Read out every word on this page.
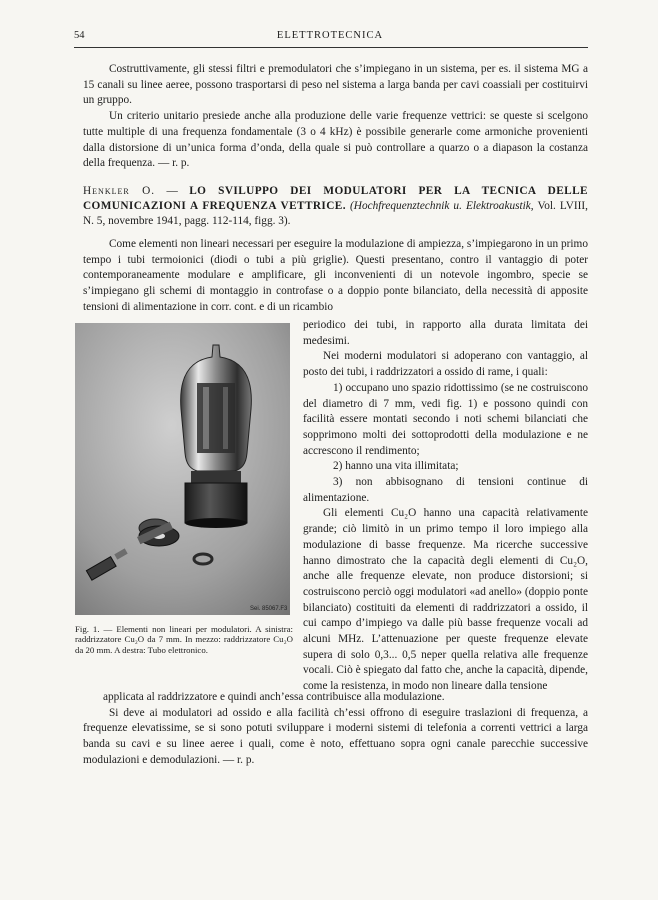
54	ELETTROTECNICA

Costruttivamente, gli stessi filtri e premodulatori che s’impiegano in un sistema, per es. il sistema MG a 15 canali su linee aeree, possono trasportarsi di peso nel sistema a larga banda per cavi coassiali per costituirvi un gruppo.

Un criterio unitario presiede anche alla produzione delle varie frequenze vettrici: se queste si scelgono tutte multiple di una frequenza fondamentale (3 o 4 kHz) è possibile generarle come armoniche provenienti dalla distorsione di un’unica forma d’onda, della quale si può controllare a quarzo o a diapason la costanza della frequenza. — r. p.

Henkler O. — LO SVILUPPO DEI MODULATORI PER LA TECNICA DELLE COMUNICAZIONI A FREQUENZA VETTRICE. (Hochfrequenztechnik u. Elektroakustik, Vol. LVIII, N. 5, novembre 1941, pagg. 112-114, figg. 3).

Come elementi non lineari necessari per eseguire la modulazione di ampiezza, s’impiegarono in un primo tempo i tubi termoionici (diodi o tubi a più griglie). Questi presentano, contro il vantaggio di poter contemporaneamente modulare e amplificare, gli inconvenienti di un notevole ingombro, specie se s’impiegano gli schemi di montaggio in controfase o a doppio ponte bilanciato, della necessità di apposite tensioni di alimentazione in corr. cont. e di un ricambio

periodico dei tubi, in rapporto alla durata limitata dei medesimi.

Nei moderni modulatori si adoperano con vantaggio, al posto dei tubi, i raddrizzatori a ossido di rame, i quali:

1) occupano uno spazio ridottissimo (se ne costruiscono del diametro di 7 mm, vedi fig. 1) e possono quindi con facilità essere montati secondo i noti schemi bilanciati che sopprimono molti dei sottoprodotti della modulazione e ne accrescono il rendimento;

2) hanno una vita illimitata;

3) non abbisognano di tensioni continue di alimentazione.

Gli elementi Cu₂O hanno una capacità relativamente grande; ciò limitò in un primo tempo il loro impiego alla modulazione di basse frequenze. Ma ricerche successive hanno dimostrato che la capacità degli elementi di Cu₂O, anche alle frequenze elevate, non produce distorsioni; si costruiscono perciò oggi modulatori «ad anello» (doppio ponte bilanciato) costituiti da elementi di raddrizzatori a ossido, il cui campo d’impiego va dalle più basse frequenze vocali ad alcuni MHz. L’attenuazione per queste frequenze elevate supera di solo 0,3... 0,5 neper quella relativa alle frequenze vocali. Ciò è spiegato dal fatto che, anche la capacità, dipende, come la resistenza, in modo non lineare dalla tensione

Sei. 85067.F3
Fig. 1. — Elementi non lineari per modulatori. A sinistra: raddrizzatore Cu₂O da 7 mm. In mezzo: raddrizzatore Cu₂O da 20 mm. A destra: Tubo elettronico.

applicata al raddrizzatore e quindi anch’essa contribuisce alla modulazione.

Si deve ai modulatori ad ossido e alla facilità ch’essi offrono di eseguire traslazioni di frequenza, a frequenze elevatissime, se si sono potuti sviluppare i moderni sistemi di telefonia a correnti vettrici a larga banda su cavi e su linee aeree i quali, come è noto, effettuano sopra ogni canale parecchie successive modulazioni e demodulazioni. — r. p.
